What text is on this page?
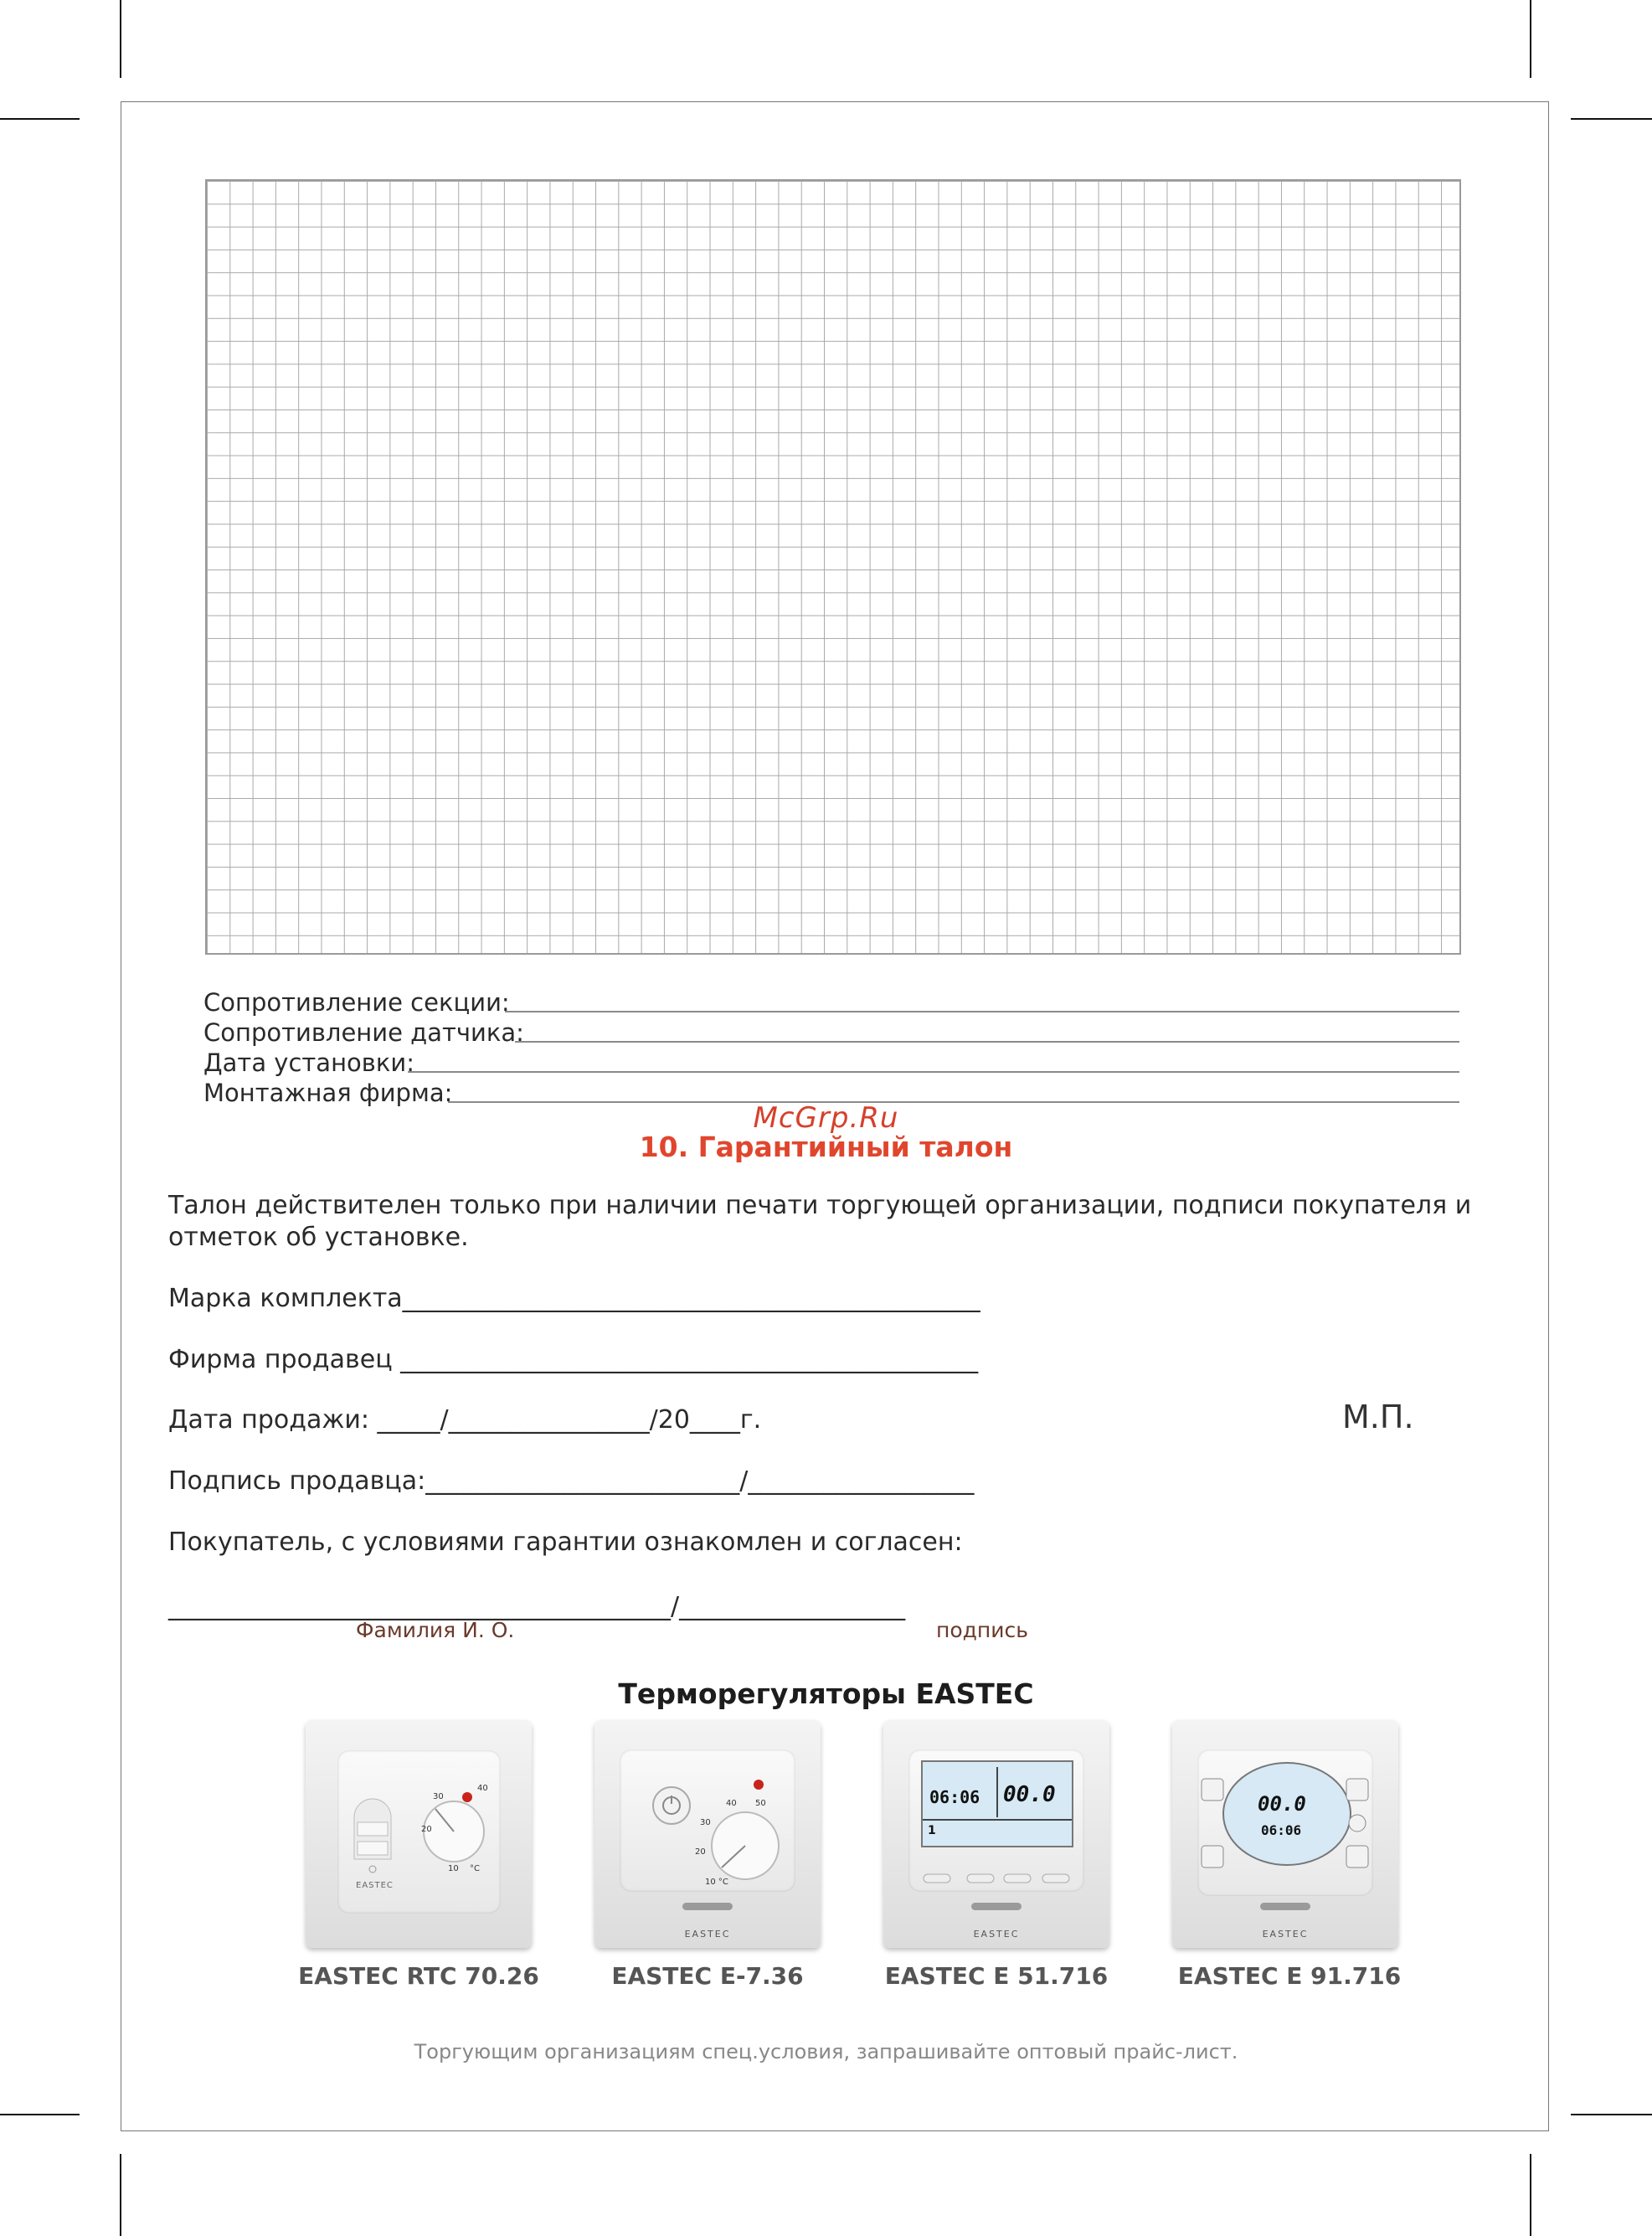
Сопротивление секции:
Сопротивление датчика:
Дата установки:
Монтажная фирма:
McGrp.Ru
10. Гарантийный талон
Талон действителен только при наличии печати торгующей организации, подписи покупателя и отметок об установке.
Марка комплекта______________________________________________
Фирма продавец ______________________________________________
Дата продажи: _____/________________/20____г.
Подпись продавца:_________________________/__________________
Покупатель, с условиями гарантии ознакомлен и согласен:
________________________________________/__________________
Фамилия И. О.	подпись
М.П.
Терморегуляторы EASTEC
40
30
20
10 °C
EASTEC
EASTEC RTC 70.26
EASTEC
40 50
30
20
10 °C
EASTEC E-7.36
EASTEC
06:06 00.0
1
EASTEC E 51.716
EASTEC
00.0
06:06
EASTEC E 91.716
Торгующим организациям спец.условия, запрашивайте оптовый прайс-лист.
